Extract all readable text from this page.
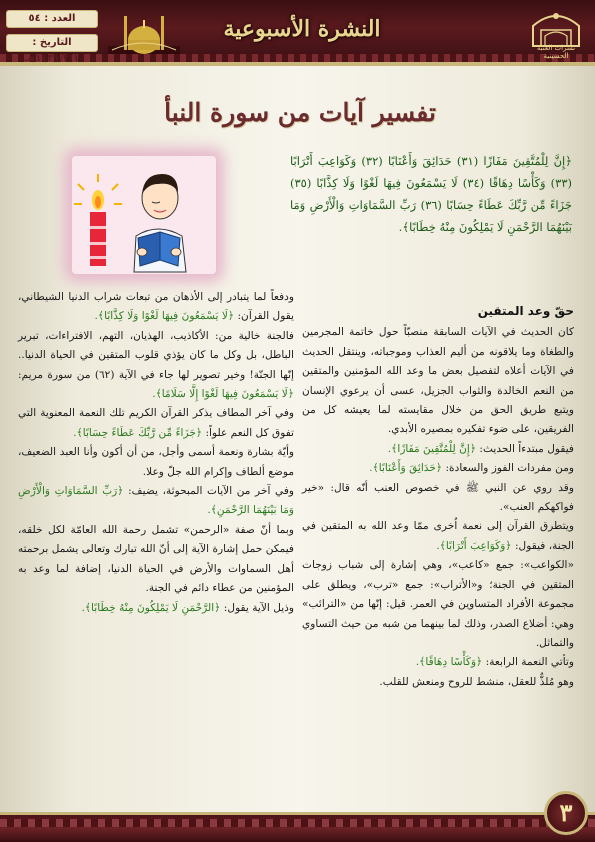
العدد : ٥٤
التاريخ : ١٤٣١/٢/١هـ
النشرة الأسبوعية
نشرات العتبة الحسينية
تفسير آيات من سورة النبأ
﴿إِنَّ لِلْمُتَّقِينَ مَفَازًا (٣١) حَدَائِقَ وَأَعْنَابًا (٣٢) وَكَوَاعِبَ أَتْرَابًا (٣٣) وَكَأْسًا دِهَاقًا (٣٤) لَا يَسْمَعُونَ فِيهَا لَغْوًا وَلَا كِذَّابًا (٣٥) جَزَاءً مِّن رَّبِّكَ عَطَاءً حِسَابًا (٣٦) رَبِّ السَّمَاوَاتِ وَالْأَرْضِ وَمَا بَيْنَهُمَا الرَّحْمَنِ لَا يَمْلِكُونَ مِنْهُ خِطَابًا﴾.
حقّ وعد المتقين

كان الحديث في الآيات السابقة منصبّاً حول خاتمة المجرمين والطغاة وما يلاقونه من أليم العذاب وموجباته، وينتقل الحديث في الآيات أعلاه لتفصيل بعض ما وعد الله المؤمنين والمتقين من النعم الخالدة والثواب الجزيل، عسى أن يرعوي الإنسان ويتبع طريق الحق من خلال مقايسته لما يعيشه كل من الفريقين، على ضوء تفكيره بمصيره الأبدي.

فيقول مبتدءاً الحديث: ﴿إِنَّ لِلْمُتَّقِينَ مَفَازًا﴾.

ومن مفردات الفوز والسعادة: ﴿حَدَائِقَ وَأَعْنَابًا﴾.

وقد روي عن النبي ﷺ في خصوص العنب أنّه قال: «خير فواكهكم العنب».

ويتطرق القرآن إلى نعمة اُخرى ممّا وعد الله به المتقين في الجنة، فيقول: ﴿وَكَوَاعِبَ أَتْرَابًا﴾.

«الكواعب»: جمع «كاعب»، وهي إشارة إلى شباب زوجات المتقين في الجنة؛ و«الأتراب»: جمع «ترب»، ويطلق على مجموعة الأفراد المتساوين في العمر. قيل: إنّها من «الترائب» وهي: أضلاع الصدر، وذلك لما بينهما من شبه من حيث التساوي والتماثل.

وتأتي النعمة الرابعة: ﴿وَكَأْسًا دِهَاقًا﴾.

وهو مُلذٌّ للعقل، منشط للروح ومنعش للقلب.

ودفعاً لما يتبادر إلى الأذهان من تبعات شراب الدنيا الشيطاني، يقول القرآن: ﴿لَا يَسْمَعُونَ فِيهَا لَغْوًا وَلَا كِذَّابًا﴾.

فالجنة خالية من: الأكاذيب، الهذيان، التهم، الافتراءات، تبرير الباطل، بل وكل ما كان يؤذي قلوب المتقين في الحياة الدنيا.. إنّها الجنّة! وخير تصوير لها جاء في الآية (٦٢) من سورة مريم: ﴿لَا يَسْمَعُونَ فِيهَا لَغْوًا إِلَّا سَلَامًا﴾.

وفي آخر المطاف يذكر القرآن الكريم تلك النعمة المعنوية التي تفوق كل النعم علواً: ﴿جَزَاءً مِّن رَّبِّكَ عَطَاءً حِسَابًا﴾.

وأيّة بشارة ونعمة أسمى وأجل، من أن أكون وأنا العبد الضعيف، موضع ألطاف وإكرام الله جلّ وعلا.

وفي آخر من الآيات المبحوثة، يضيف: ﴿رَبِّ السَّمَاوَاتِ وَالْأَرْضِ وَمَا بَيْنَهُمَا الرَّحْمَنِ﴾.

وبما أنّ صفة «الرحمن» تشمل رحمة الله العامّة لكل خلقه، فيمكن حمل إشارة الآية إلى أنّ الله تبارك وتعالى يشمل برحمته أهل السماوات والأرض في الحياة الدنيا، إضافة لما وعد به المؤمنين من عطاء دائم في الجنة.

وذيل الآية يقول: ﴿الرَّحْمَنِ لَا يَمْلِكُونَ مِنْهُ خِطَابًا﴾.

٣
